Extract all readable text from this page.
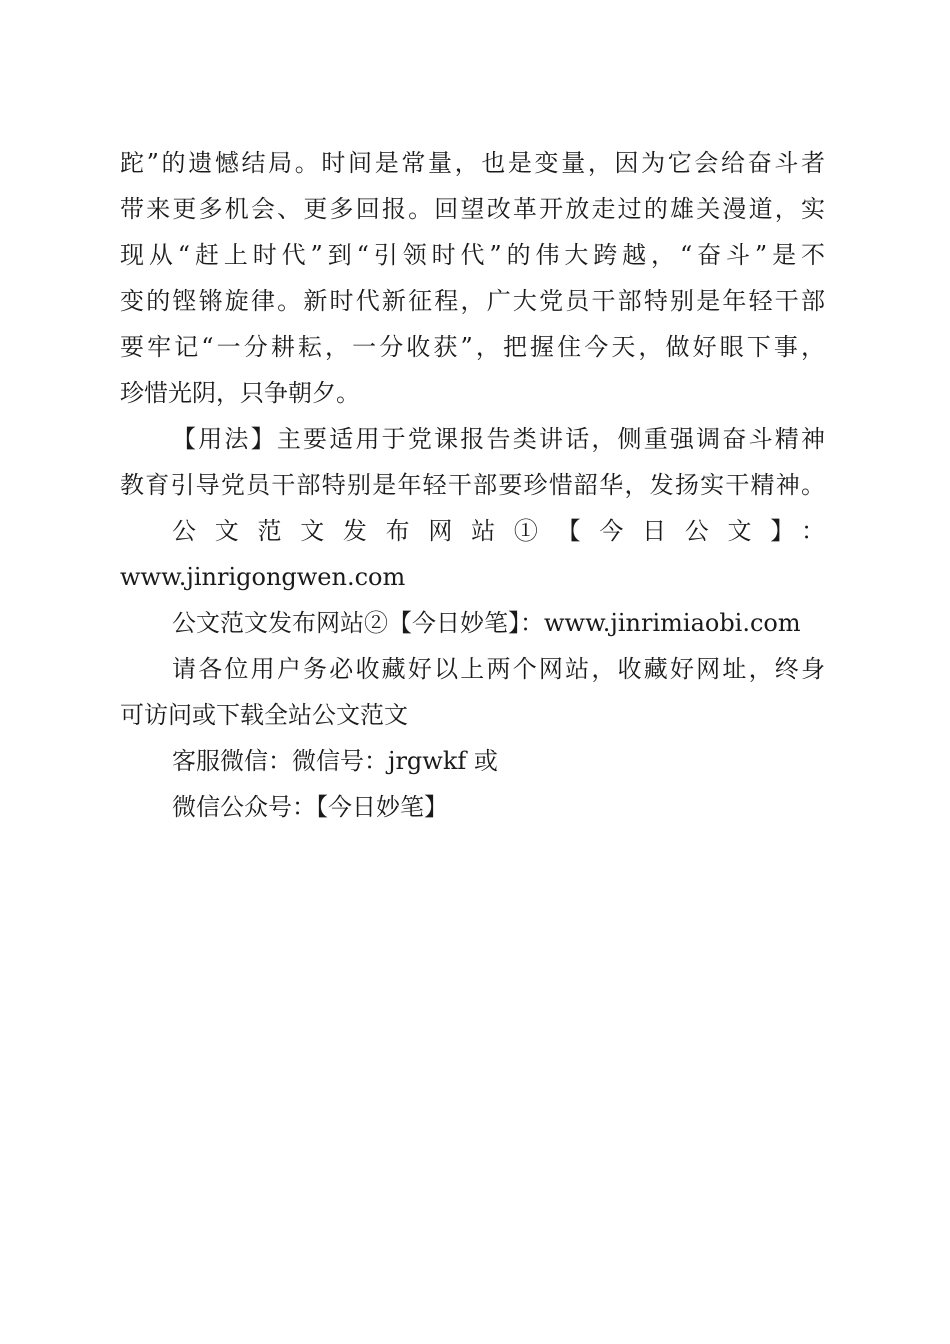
跎”的遗憾结局。时间是常量，也是变量，因为它会给奋斗者
带来更多机会、更多回报。回望改革开放走过的雄关漫道，实
现从“赶上时代”到“引领时代”的伟大跨越，“奋斗”是不
变的铿锵旋律。新时代新征程，广大党员干部特别是年轻干部
要牢记“一分耕耘，一分收获”，把握住今天，做好眼下事，
珍惜光阴，只争朝夕。
【用法】主要适用于党课报告类讲话，侧重强调奋斗精神
教育引导党员干部特别是年轻干部要珍惜韶华，发扬实干精神。
公文范文发布网站①【今日公文】：
www.jinrigongwen.com
公文范文发布网站②【今日妙笔】：www.jinrimiaobi.com
请各位用户务必收藏好以上两个网站，收藏好网址，终身
可访问或下载全站公文范文
客服微信：微信号：jrgwkf 或
微信公众号：【今日妙笔】
